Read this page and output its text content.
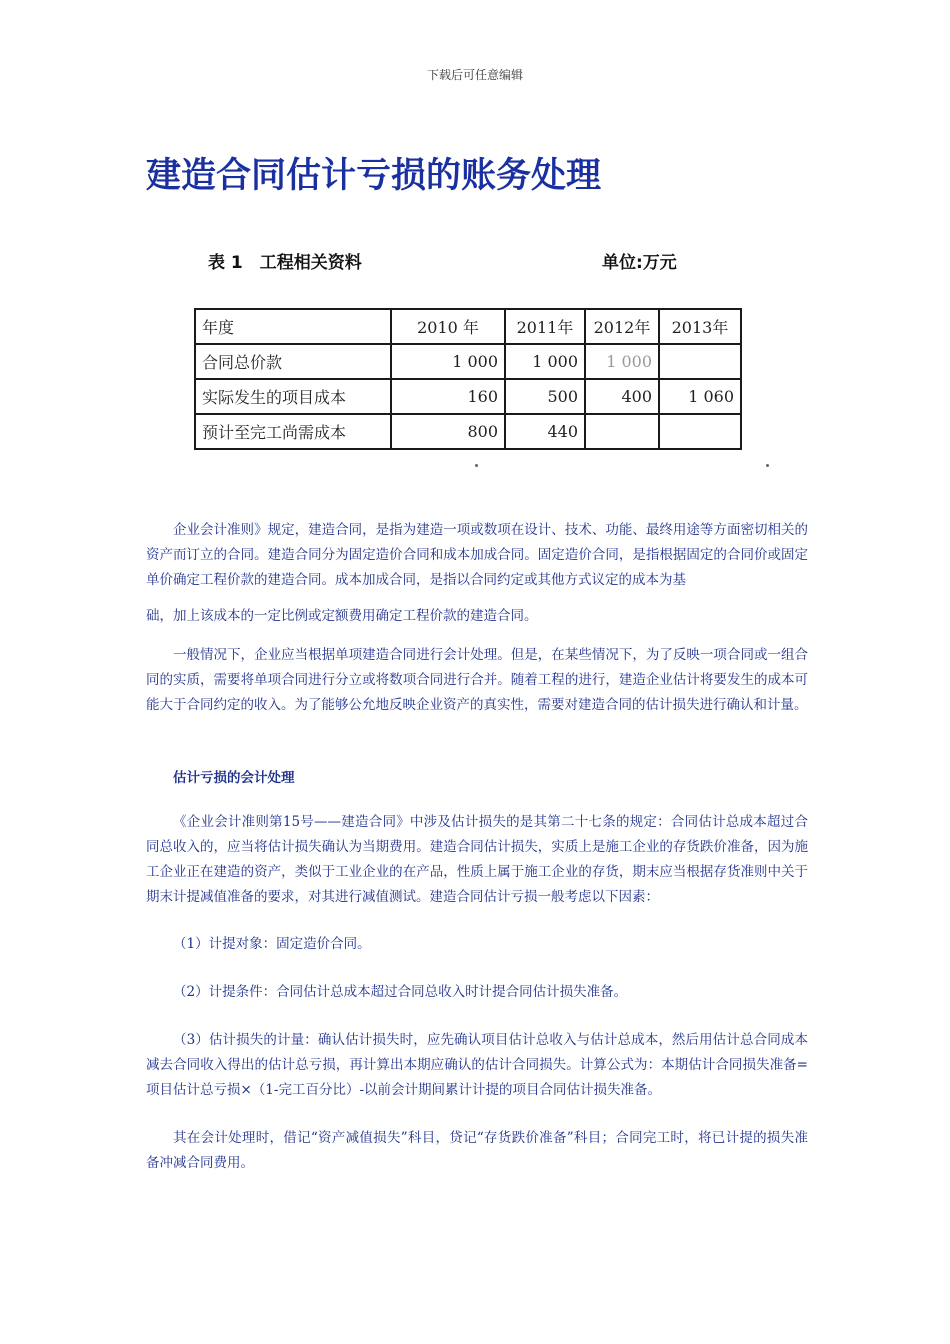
下载后可任意编辑
建造合同估计亏损的账务处理
表 1　工程相关资料	单位:万元
年度	2010 年	2011年	2012年	2013年
合同总价款	1 000	1 000	1 000	
实际发生的项目成本	160	500	400	1 060
预计至完工尚需成本	800	440		

企业会计准则》规定，建造合同，是指为建造一项或数项在设计、技术、功能、最终用途等方面密切相关的资产而订立的合同。建造合同分为固定造价合同和成本加成合同。固定造价合同，是指根据固定的合同价或固定单价确定工程价款的建造合同。成本加成合同，是指以合同约定或其他方式议定的成本为基

础，加上该成本的一定比例或定额费用确定工程价款的建造合同。

一般情况下，企业应当根据单项建造合同进行会计处理。但是，在某些情况下，为了反映一项合同或一组合同的实质，需要将单项合同进行分立或将数项合同进行合并。随着工程的进行，建造企业估计将要发生的成本可能大于合同约定的收入。为了能够公允地反映企业资产的真实性，需要对建造合同的估计损失进行确认和计量。

估计亏损的会计处理

《企业会计准则第15号——建造合同》中涉及估计损失的是其第二十七条的规定：合同估计总成本超过合同总收入的，应当将估计损失确认为当期费用。建造合同估计损失，实质上是施工企业的存货跌价准备，因为施工企业正在建造的资产，类似于工业企业的在产品，性质上属于施工企业的存货，期末应当根据存货准则中关于期末计提减值准备的要求，对其进行减值测试。建造合同估计亏损一般考虑以下因素：

（1）计提对象：固定造价合同。

（2）计提条件：合同估计总成本超过合同总收入时计提合同估计损失准备。

（3）估计损失的计量：确认估计损失时，应先确认项目估计总收入与估计总成本，然后用估计总合同成本减去合同收入得出的估计总亏损，再计算出本期应确认的估计合同损失。计算公式为：本期估计合同损失准备=项目估计总亏损×（1-完工百分比）-以前会计期间累计计提的项目合同估计损失准备。

其在会计处理时，借记“资产减值损失”科目，贷记“存货跌价准备”科目；合同完工时，将已计提的损失准备冲减合同费用。
